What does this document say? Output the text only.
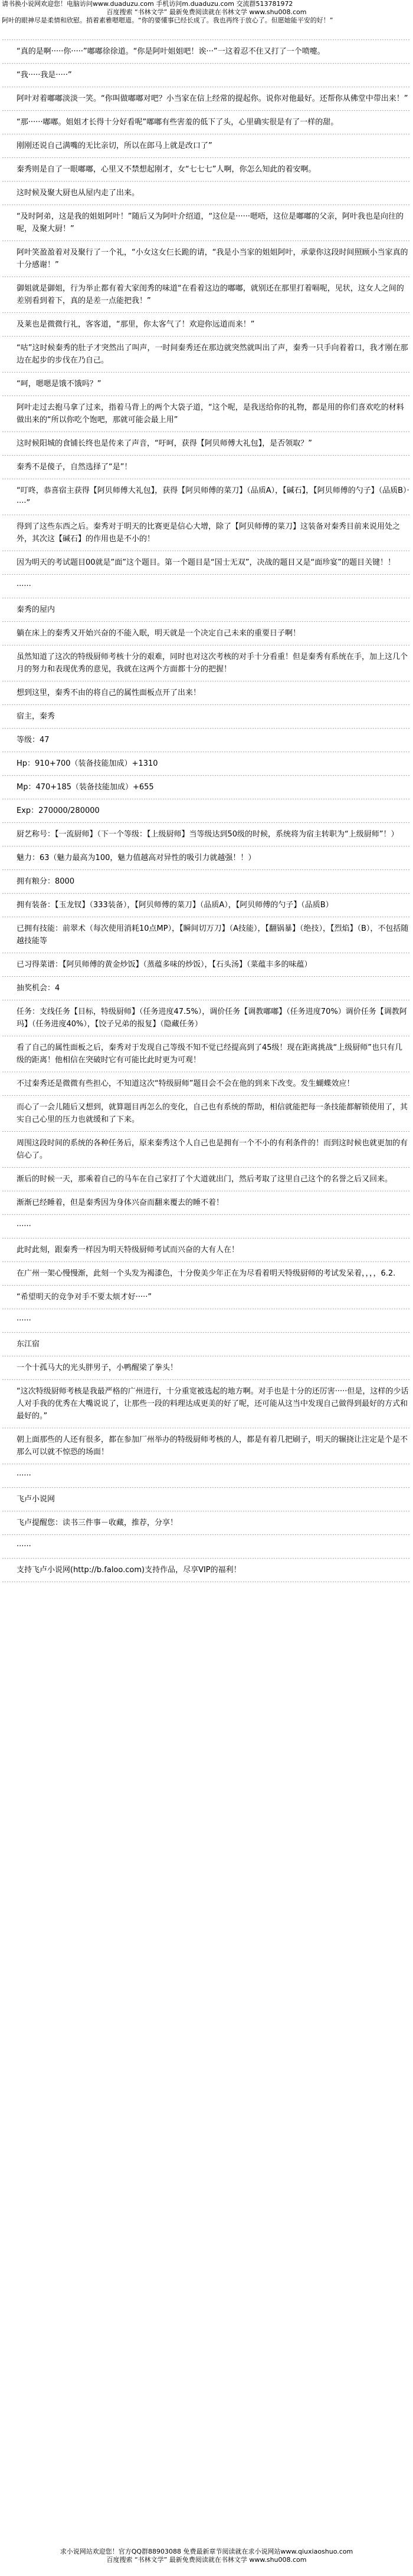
请书换小说网欢迎您！电脑访问www.duaduzu.com 手机访问m.duaduzu.com 交流群513781972
百度搜索 “书林文学” 最新免费阅读就在书林文学 www.shu008.com
阿叶的眼神尽是柔情和欣慰。捎着素雅嗯嗯道。“你的要懂事已经长成了。我也再终于放心了。但愿她能平安的好！”
“真的是啊·····你·····”嘟嘟徐徐道。“你是阿叶姐姐吧！诶···”一这着忍不住又打了一个喷嚏。
“我·····我是·····”
阿叶对着嘟嘟淡淡一笑。“你叫做嘟嘟对吧？小当家在信上经常的提起你。说你对他最好。还帮你从佛堂中带出来！”
“那······嘟嘟。姐姐才长得十分好看呢”嘟嘟有些害羞的低下了头，心里确实很是有了一样的甜。
刚刚还说自己满嘴的无比亲切，所以在郎马上就是改口了”
秦秀则是自了一眼嘟嘟，心里又不禁想起刚才，女“七七七”人啊，你怎么知此的着安啊。
这时候及聚大厨也从屋内走了出来。
“及时阿弟，这是我的姐姐阿叶！”随后又为阿叶介绍道，“这位是······嗯唔，这位是嘟嘟的父亲，阿叶我也是向往的呢，及聚大厨！”
阿叶笑盈盈着对及聚行了一个礼，“小女这女仨长跪的请，“我是小当家的姐姐阿叶，承蒙你这段时间照顾小当家真的十分感谢！”
御姐就是御姐，行为举止都有着大家闺秀的味道“在看着这边的嘟嘟，就别还在那里打着嗝呢，见状，这女人之间的差别看到着下，真的是差一点能把我！”
及莱也是微微行礼，客客道，“那里，你太客气了！欢迎你远道而来！”
“咕”这时候秦秀的肚子才突然出了叫声，一时间秦秀还在那边就突然就叫出了声，秦秀一只手向着着口，我才刚在那边在起步的步伐在乃自己。
“呵，嗯嗯是饿不饿吗？”
阿叶走过去抱马拿了过来，指着马背上的两个大袋子道，“这个呢，是我送给你的礼物，都是用的你们喜欢吃的材料做出来的“所以你吃个饱吧，那就可能会最上用”
这时候阳城的食铺长终也是传来了声音，“吁呵，获得【阿贝师傅大礼包】，是否领取？”
秦秀不是傻子，自然选择了“是”！
“叮咚，恭喜宿主获得【阿贝师傅大礼包】，获得【阿贝师傅的菜刀】（品质A），【碱石】，【阿贝师傅的勺子】（品质B）·····”
得到了这些东西之后。秦秀对于明天的比赛更是信心大增，除了【阿贝师傅的菜刀】这装备对秦秀目前来说用处之外，其次这【碱石】的作用也是不小的！
因为明天的考试题目00就是”面”这个题目。第一个题目是“国士无双”，决战的题目又是“面珍宴”的题目关键！！
······
秦秀的屋内
躺在床上的秦秀又开始兴奋的不能入眠，明天就是一个决定自己未来的重要日子啊！
虽然知道了这次的特级厨师考核十分的艰难，同时也对这次考核的对手十分看重！但是秦秀有系统在手，加上这几个月的努力和表现优秀的意见，我就在这两个方面都十分的把握！
想到这里，秦秀不由的将自己的属性面板点开了出来！
宿主，秦秀
等级：47
Hp：910+700（装备技能加成）+1310
Mp：470+185（装备技能加成）+655
Exp：270000/280000
厨艺称号：【一流厨师】（下一个等级：【上级厨师】当等级达到50级的时候，系统将为宿主转职为“上级厨师”！）
魅力：63（魅力最高为100，魅力值越高对异性的吸引力就越强！！）
拥有粮分：8000
拥有装备：【玉龙钗】（333装备），【阿贝师傅的菜刀】（品质A），【阿贝师傅的勺子】（品质B）
已拥有技能：前翠术（每次使用消耗10点MP），【瞬间切万刀】（A技能），【翻锅暴】（绝技），【烈焰】（B），不包括随越技能等
已习得菜谱：【阿贝师傅的黄金炒饭】（蒸蕴多味的炒饭），【石头汤】（菜蕴丰多的味蕴）
抽奖机会：4
任务：支线任务【目标，特级厨师】（任务进度47.5%），调价任务【调教嘟嘟】（任务进度70%）调价任务【调教阿玛】（任务进度40%），【饺子兄弟的报复】（隐藏任务）
看了自己的属性面板之后，秦秀对于发现自己等级不知不觉已经提高到了45级！现在距离挑战“上级厨师”也只有几级的距离！他相信在突破时它有可能比此时更为可观！
不过秦秀还是微微有些担心，不知道这次“特级厨师”题目会不会在他的到来下改变。发生蝴蝶效应！
而心了一会儿随后又想到，就算题目再怎么的变化，自己也有系统的帮助，相信就能把每一条技能都解锁使用了，其实自己心里的压力也就缓和了下来。
周围这段时间的系统的各种任务后，原来秦秀这个人自己也是拥有一个不小的有利条件的！而到这时候也就更加的有信心了。
渐后的时候一天，那乘着自己的马车在自己家打了个大道就出门，然后考取了这里自己这个的名誉之后又回来。
渐渐已经睡着，但是秦秀因为身体兴奋而翻来覆去的睡不着！
······
此时此刻，跟秦秀一样因为明天特级厨师考试而兴奋的大有人在！
在广州一架心慢慢渐，此刻一个头发为褐漆色，十分俊美少年正在为尽看着明天特级厨师的考试发呆着，，，，6.2.
“希望明天的竞争对手不要太烦才好·····”
······
东江宿
一个十孤马大的光头胖男子，小鸭醒梁了拳头！
“这次特级厨师考核是我最严格的广州进行，十分重宽被选起的地方啊。对手也是十分的还厉害·····但是，这样的少话人对手我的优秀在大嘴说说了，让那些一段的料理达成更美的好了呢，还可能从这当中发现自己做得到最好的方式和最好的。”
朝上面那些的人还有很多，都在参加厂州举办的特级厨师考核的人，都是有着几把刷子，明天的辗挠让注定是个是不那么可以就不惊恐的场面！
······
飞卢小说网
飞卢提醒您：读书三件事－收藏，推荐，分享！
······
支持飞卢小说网(http://b.faloo.com)支持作品，尽享VIP的福利！
求小说网站欢迎您！官方QQ群88903088 免费最新章节阅读就在求小说网站www.qiuxiaoshuo.com
百度搜索 “书林文学” 最新免费阅读就在书林文学 www.shu008.com
